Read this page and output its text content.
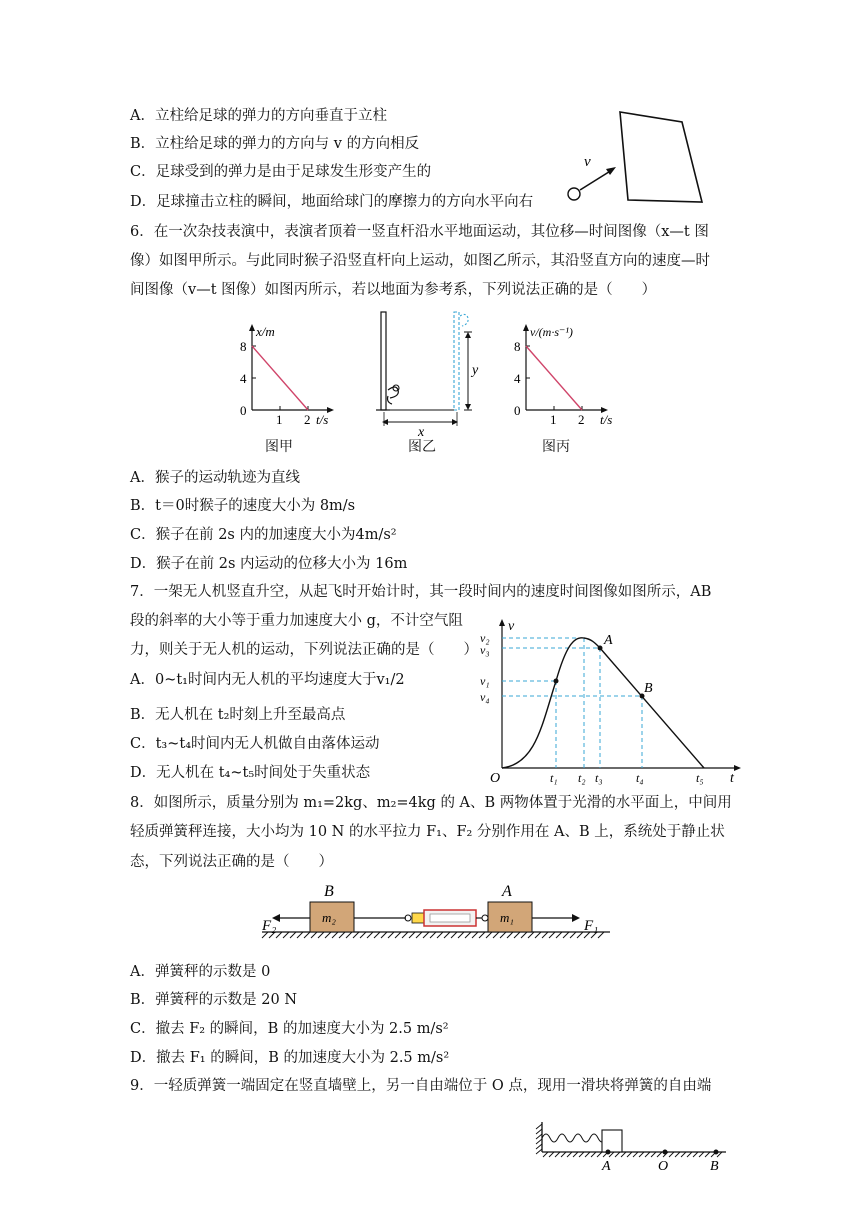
A．立柱给足球的弹力的方向垂直于立柱
B．立柱给足球的弹力的方向与 v 的方向相反
C．足球受到的弹力是由于足球发生形变产生的
D．足球撞击立柱的瞬间，地面给球门的摩擦力的方向水平向右
v
6．在一次杂技表演中，表演者顶着一竖直杆沿水平地面运动，其位移—时间图像（x—t 图
像）如图甲所示。与此同时猴子沿竖直杆向上运动，如图乙所示，其沿竖直方向的速度—时
间图像（v—t 图像）如图丙所示，若以地面为参考系，下列说法正确的是（　　）
x/m
t/s
8
4
0
1 2
图甲
y
x
图乙
v/(m·s⁻¹)
t/s
8
4
0
1 2
图丙
A．猴子的运动轨迹为直线
B．t＝0时猴子的速度大小为 8m/s
C．猴子在前 2s 内的加速度大小为4m/s²
D．猴子在前 2s 内运动的位移大小为 16m
7．一架无人机竖直升空，从起飞时开始计时，其一段时间内的速度时间图像如图所示，AB
段的斜率的大小等于重力加速度大小 g，不计空气阻
力，则关于无人机的运动，下列说法正确的是（　　）
A．0~t₁时间内无人机的平均速度大于v₁/2
B．无人机在 t₂时刻上升至最高点
C．t₃~t₄时间内无人机做自由落体运动
D．无人机在 t₄~t₅时间处于失重状态
v
t
O
A
B
v₂
v₃
v₁
v₄
t₁ t₂ t₃	t₄	t₅
8．如图所示，质量分别为 m₁=2kg、m₂=4kg 的 A、B 两物体置于光滑的水平面上，中间用
轻质弹簧秤连接，大小均为 10 N 的水平拉力 F₁、F₂ 分别作用在 A、B 上，系统处于静止状
态，下列说法正确的是（　　）
m₂	m₁
B	A
F₂	F₁
A．弹簧秤的示数是 0
B．弹簧秤的示数是 20 N
C．撤去 F₂ 的瞬间，B 的加速度大小为 2.5 m/s²
D．撤去 F₁ 的瞬间，B 的加速度大小为 2.5 m/s²
9．一轻质弹簧一端固定在竖直墙壁上，另一自由端位于 O 点，现用一滑块将弹簧的自由端
A	O	B
